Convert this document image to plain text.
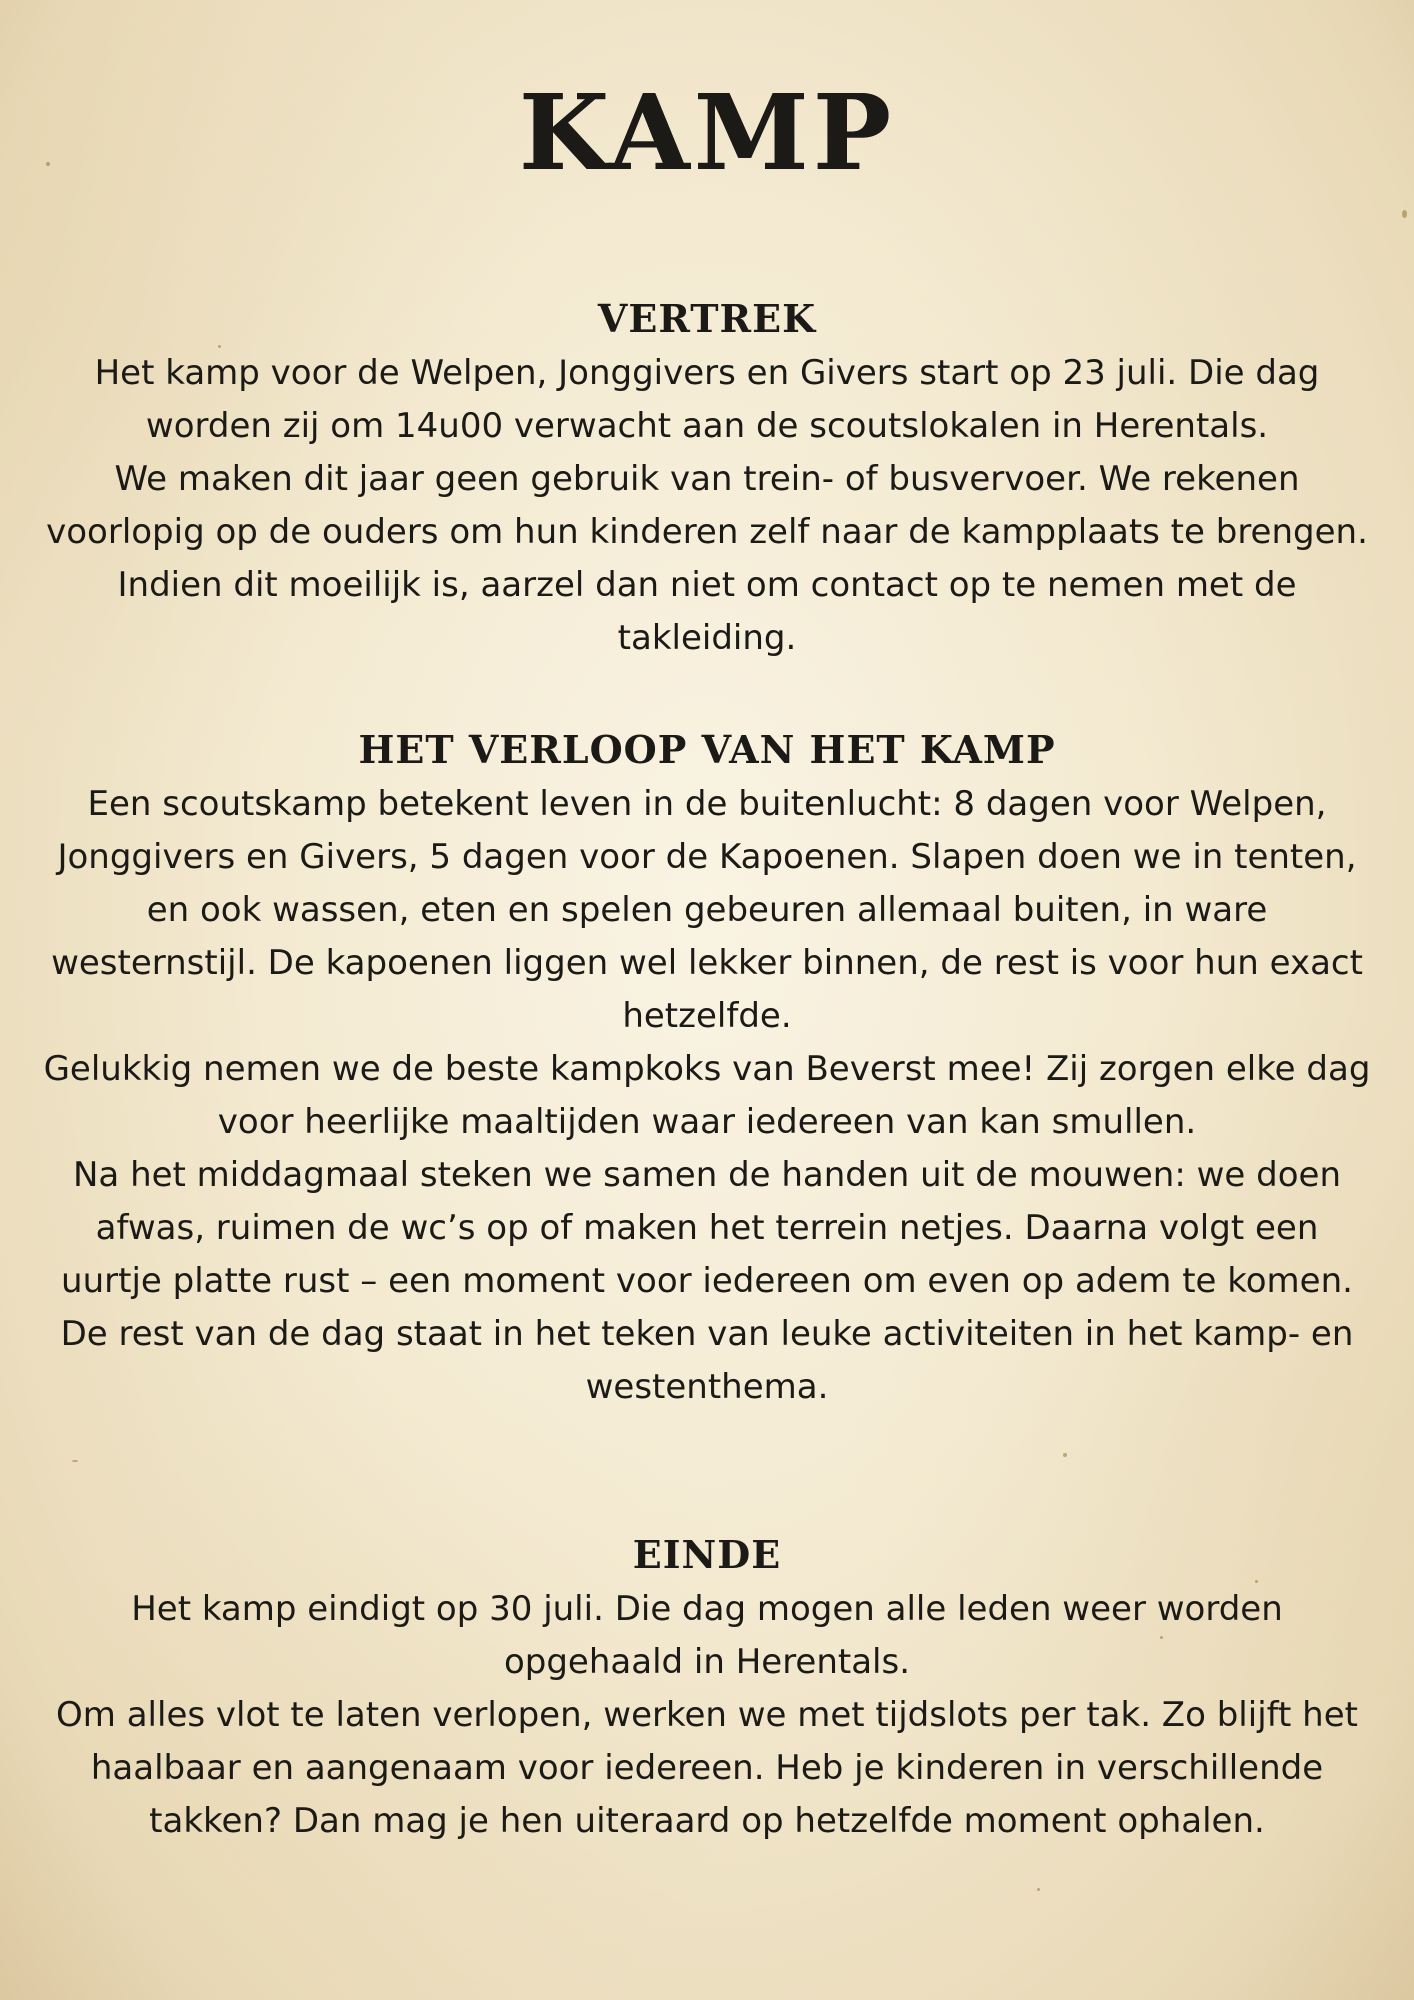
KAMP
VERTREK

Het kamp voor de Welpen, Jonggivers en Givers start op 23 juli. Die dag worden zij om 14u00 verwacht aan de scoutslokalen in Herentals.

We maken dit jaar geen gebruik van trein- of busvervoer. We rekenen voorlopig op de ouders om hun kinderen zelf naar de kampplaats te brengen. Indien dit moeilijk is, aarzel dan niet om contact op te nemen met de takleiding.

HET VERLOOP VAN HET KAMP

Een scoutskamp betekent leven in de buitenlucht: 8 dagen voor Welpen, Jonggivers en Givers, 5 dagen voor de Kapoenen. Slapen doen we in tenten, en ook wassen, eten en spelen gebeuren allemaal buiten, in ware westernstijl. De kapoenen liggen wel lekker binnen, de rest is voor hun exact hetzelfde.

Gelukkig nemen we de beste kampkoks van Beverst mee! Zij zorgen elke dag voor heerlijke maaltijden waar iedereen van kan smullen.

Na het middagmaal steken we samen de handen uit de mouwen: we doen afwas, ruimen de wc’s op of maken het terrein netjes. Daarna volgt een uurtje platte rust – een moment voor iedereen om even op adem te komen.

De rest van de dag staat in het teken van leuke activiteiten in het kamp- en westenthema.

EINDE

Het kamp eindigt op 30 juli. Die dag mogen alle leden weer worden opgehaald in Herentals.

Om alles vlot te laten verlopen, werken we met tijdslots per tak. Zo blijft het haalbaar en aangenaam voor iedereen. Heb je kinderen in verschillende takken? Dan mag je hen uiteraard op hetzelfde moment ophalen.
